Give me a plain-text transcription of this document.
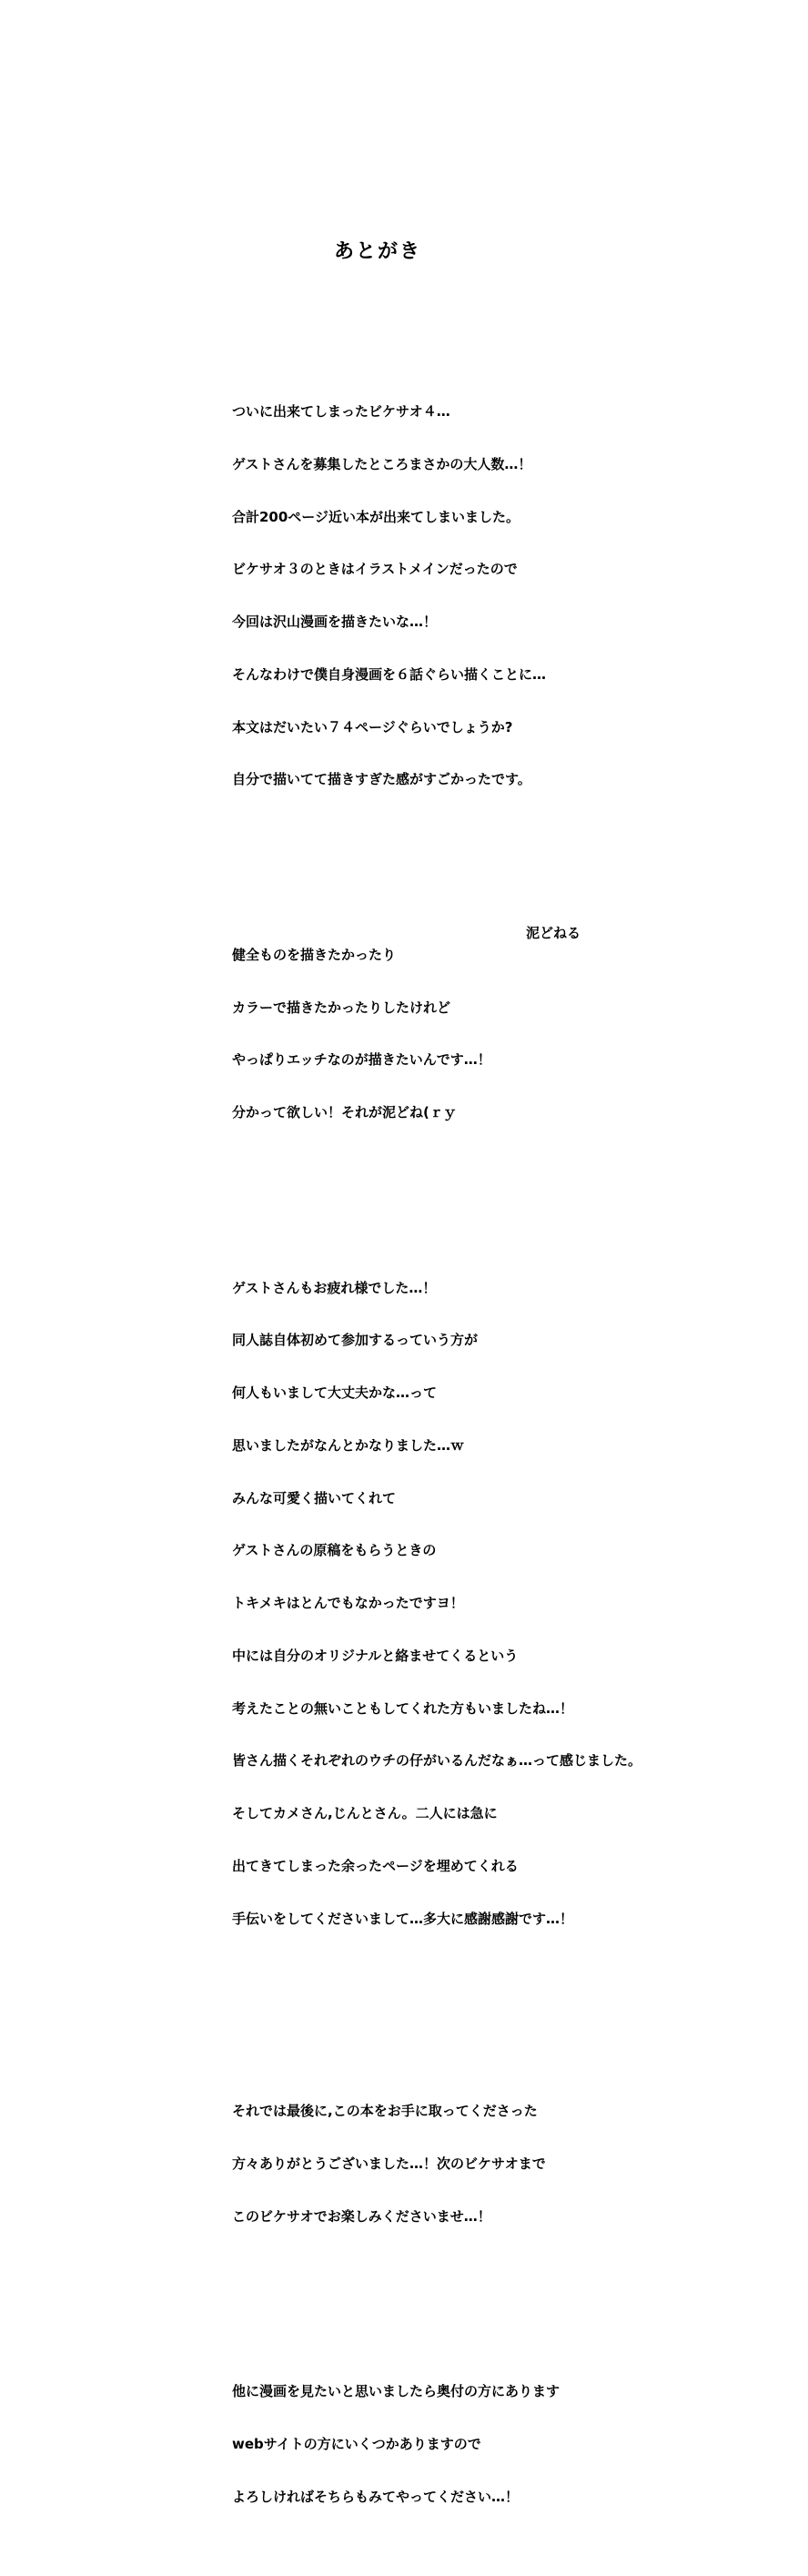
あとがき

ついに出来てしまったビケサオ４…

ゲストさんを募集したところまさかの大人数…！

合計200ページ近い本が出来てしまいました。

ビケサオ３のときはイラストメインだったので

今回は沢山漫画を描きたいな…！

そんなわけで僕自身漫画を６話ぐらい描くことに…

本文はだいたい７４ページぐらいでしょうか?

自分で描いてて描きすぎた感がすごかったです。

健全ものを描きたかったり

カラーで描きたかったりしたけれど

やっぱりエッチなのが描きたいんです…！

分かって欲しい！それが泥どね(ｒｙ

ゲストさんもお疲れ様でした…！

同人誌自体初めて参加するっていう方が

何人もいまして大丈夫かな…って

思いましたがなんとかなりました…ｗ

みんな可愛く描いてくれて

ゲストさんの原稿をもらうときの

トキメキはとんでもなかったですヨ！

中には自分のオリジナルと絡ませてくるという

考えたことの無いこともしてくれた方もいましたね…！

皆さん描くそれぞれのウチの仔がいるんだなぁ…って感じました。

そしてカメさん,じんとさん。二人には急に

出てきてしまった余ったページを埋めてくれる

手伝いをしてくださいまして…多大に感謝感謝です…！

それでは最後に,この本をお手に取ってくださった

方々ありがとうございました…！次のビケサオまで

このビケサオでお楽しみくださいませ…！

他に漫画を見たいと思いましたら奥付の方にあります

webサイトの方にいくつかありますので

よろしければそちらもみてやってください…！

泥どねる
